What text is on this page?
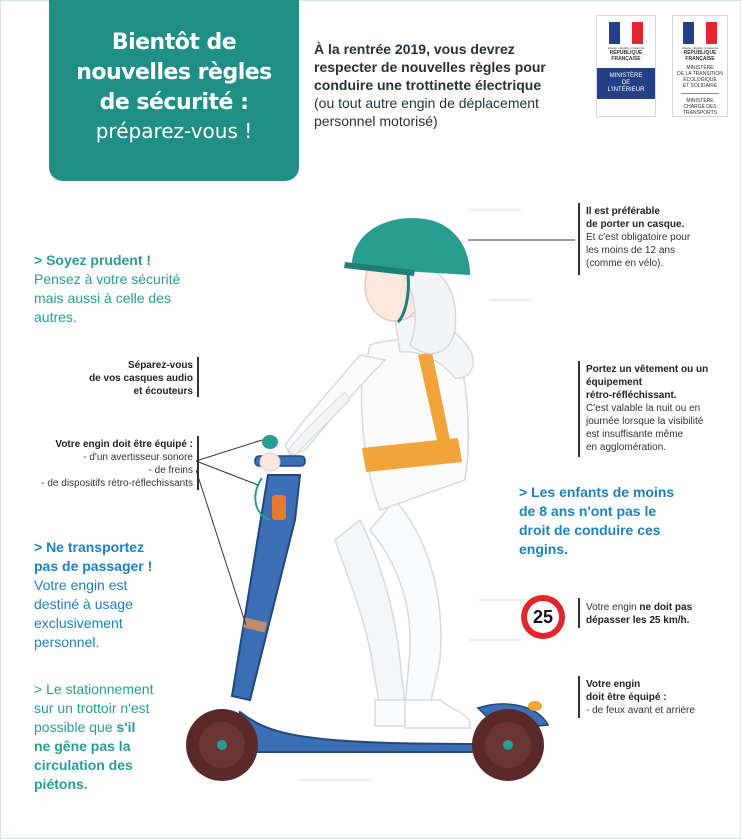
Bientôt de
nouvelles règles
de sécurité :
préparez-vous !
À la rentrée 2019, vous devrez
respecter de nouvelles règles pour
conduire une trottinette électrique
(ou tout autre engin de déplacement
personnel motorisé)
Liberté • Égalité • Fraternité
RÉPUBLIQUE FRANÇAISE
MINISTÈRE
DE
L'INTÉRIEUR
Liberté • Égalité • Fraternité
RÉPUBLIQUE FRANÇAISE
MINISTÈRE
DE LA TRANSITION
ÉCOLOGIQUE
ET SOLIDAIRE
MINISTÈRE
CHARGÉ DES
TRANSPORTS
> Soyez prudent !
Pensez à votre sécurité
mais aussi à celle des
autres.
Séparez-vous
de vos casques audio
et écouteurs
Votre engin doit être équipé :
- d'un avertisseur sonore
- de freins
- de dispositifs rétro-réflechissants
> Ne transportez
pas de passager !
Votre engin est
destiné à usage
exclusivement
personnel.
> Le stationnement
sur un trottoir n'est
possible que s'il
ne gêne pas la
circulation des
piétons.
Il est préférable
de porter un casque.
Et c'est obligatoire pour
les moins de 12 ans
(comme en vélo).
Portez un vêtement ou un
équipement
rétro-réfléchissant.
C'est valable la nuit ou en
journée lorsque la visibilité
est insuffisante même
en agglomération.
> Les enfants de moins
de 8 ans n'ont pas le
droit de conduire ces
engins.
25	Votre engin ne doit pas
dépasser les 25 km/h.
Votre engin
doit être équipé :
- de feux avant et arrière
